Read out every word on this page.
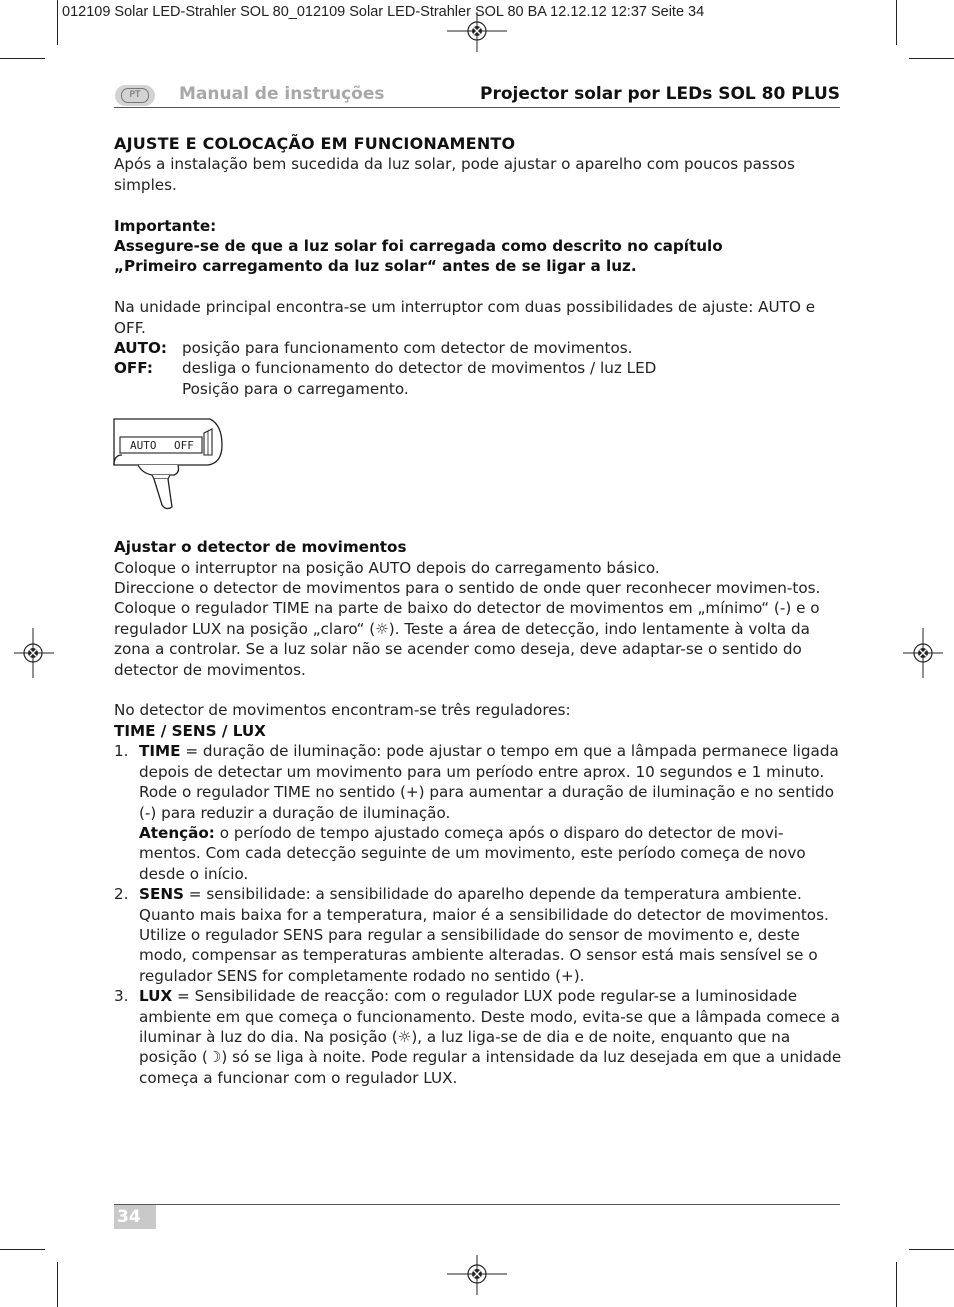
012109 Solar LED-Strahler SOL 80_012109 Solar LED-Strahler SOL 80 BA 12.12.12 12:37 Seite 34
PT	Manual de instruções	Projector solar por LEDs SOL 80 PLUS

AJUSTE E COLOCAÇÃO EM FUNCIONAMENTO

Após a instalação bem sucedida da luz solar, pode ajustar o aparelho com poucos passos simples.

Importante:

Assegure-se de que a luz solar foi carregada como descrito no capítulo

„Primeiro carregamento da luz solar“ antes de se ligar a luz.

Na unidade principal encontra-se um interruptor com duas possibilidades de ajuste: AUTO e OFF.

AUTO: posição para funcionamento com detector de movimentos.
OFF:	desliga o funcionamento do detector de movimentos / luz LED
Posição para o carregamento.
AUTO OFF

Ajustar o detector de movimentos

Coloque o interruptor na posição AUTO depois do carregamento básico.

Direccione o detector de movimentos para o sentido de onde quer reconhecer movimen-tos. Coloque o regulador TIME na parte de baixo do detector de movimentos em „mínimo“ (-) e o regulador LUX na posição „claro“ (☼). Teste a área de detecção, indo lentamente à volta da zona a controlar. Se a luz solar não se acender como deseja, deve adaptar-se o sentido do detector de movimentos.

No detector de movimentos encontram-se três reguladores:

TIME / SENS / LUX

1. TIME = duração de iluminação: pode ajustar o tempo em que a lâmpada permanece ligada depois de detectar um movimento para um período entre aprox. 10 segundos e 1 minuto. Rode o regulador TIME no sentido (+) para aumentar a duração de iluminação e no sentido (-) para reduzir a duração de iluminação.
Atenção: o período de tempo ajustado começa após o disparo do detector de movi-mentos. Com cada detecção seguinte de um movimento, este período começa de novo desde o início.
2. SENS = sensibilidade: a sensibilidade do aparelho depende da temperatura ambiente. Quanto mais baixa for a temperatura, maior é a sensibilidade do detector de movimentos. Utilize o regulador SENS para regular a sensibilidade do sensor de movimento e, deste modo, compensar as temperaturas ambiente alteradas. O sensor está mais sensível se o regulador SENS for completamente rodado no sentido (+).
3. LUX = Sensibilidade de reacção: com o regulador LUX pode regular-se a luminosidade ambiente em que começa o funcionamento. Deste modo, evita-se que a lâmpada comece a iluminar à luz do dia. Na posição (☼), a luz liga-se de dia e de noite, enquanto que na posição (☽) só se liga à noite. Pode regular a intensidade da luz desejada em que a unidade começa a funcionar com o regulador LUX.
34
